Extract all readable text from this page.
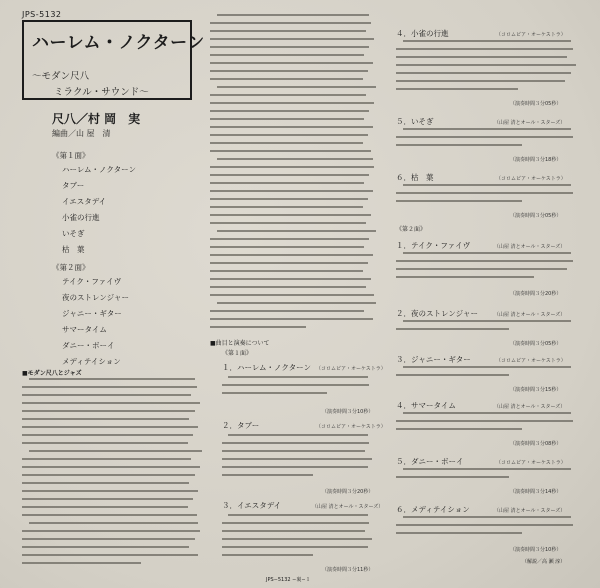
JPS-5132
ハーレム・ノクターン
～モダン尺八
ミラクル・サウンド～
尺八／村 岡　実
編曲／山 屋　清
《第１面》
ハーレム・ノクターン
タブー
イエスタデイ
小雀の行進
いそぎ
枯　葉
《第２面》
テイク・ファイヴ
夜のストレンジャー
ジャニー・ギター
サマータイム
ダニー・ボーイ
メディテイション
■モダン尺八とジャズ
■曲目と演奏について
《第１面》
１．ハーレム・ノクターン （コロムビア・オーケストラ）
（演奏時間３分10秒）
２．タブー	（コロムビア・オーケストラ）
（演奏時間３分20秒）
３．イエスタデイ	（山屋 清とオール・スターズ）
（演奏時間３分11秒）
４．小雀の行進	（コロムビア・オーケストラ）
（演奏時間３分05秒）
５．いそぎ	（山屋 清とオール・スターズ）
（演奏時間３分18秒）
６．枯　葉	（コロムビア・オーケストラ）
（演奏時間３分05秒）
《第２面》
１．テイク・ファイヴ	（山屋 清とオール・スターズ）
（演奏時間３分20秒）
２．夜のストレンジャー	（山屋 清とオール・スターズ）
（演奏時間３分05秒）
３．ジャニー・ギター	（コロムビア・オーケストラ）
（演奏時間３分15秒）
４．サマータイム	（山屋 清とオール・スターズ）
（演奏時間３分08秒）
５．ダニー・ボーイ	（コロムビア・オーケストラ）
（演奏時間３分14秒）
６．メディテイション	（山屋 清とオール・スターズ）
（演奏時間３分10秒）
（解説／高 瀬 淳）
JPS−5132 −裏−１
